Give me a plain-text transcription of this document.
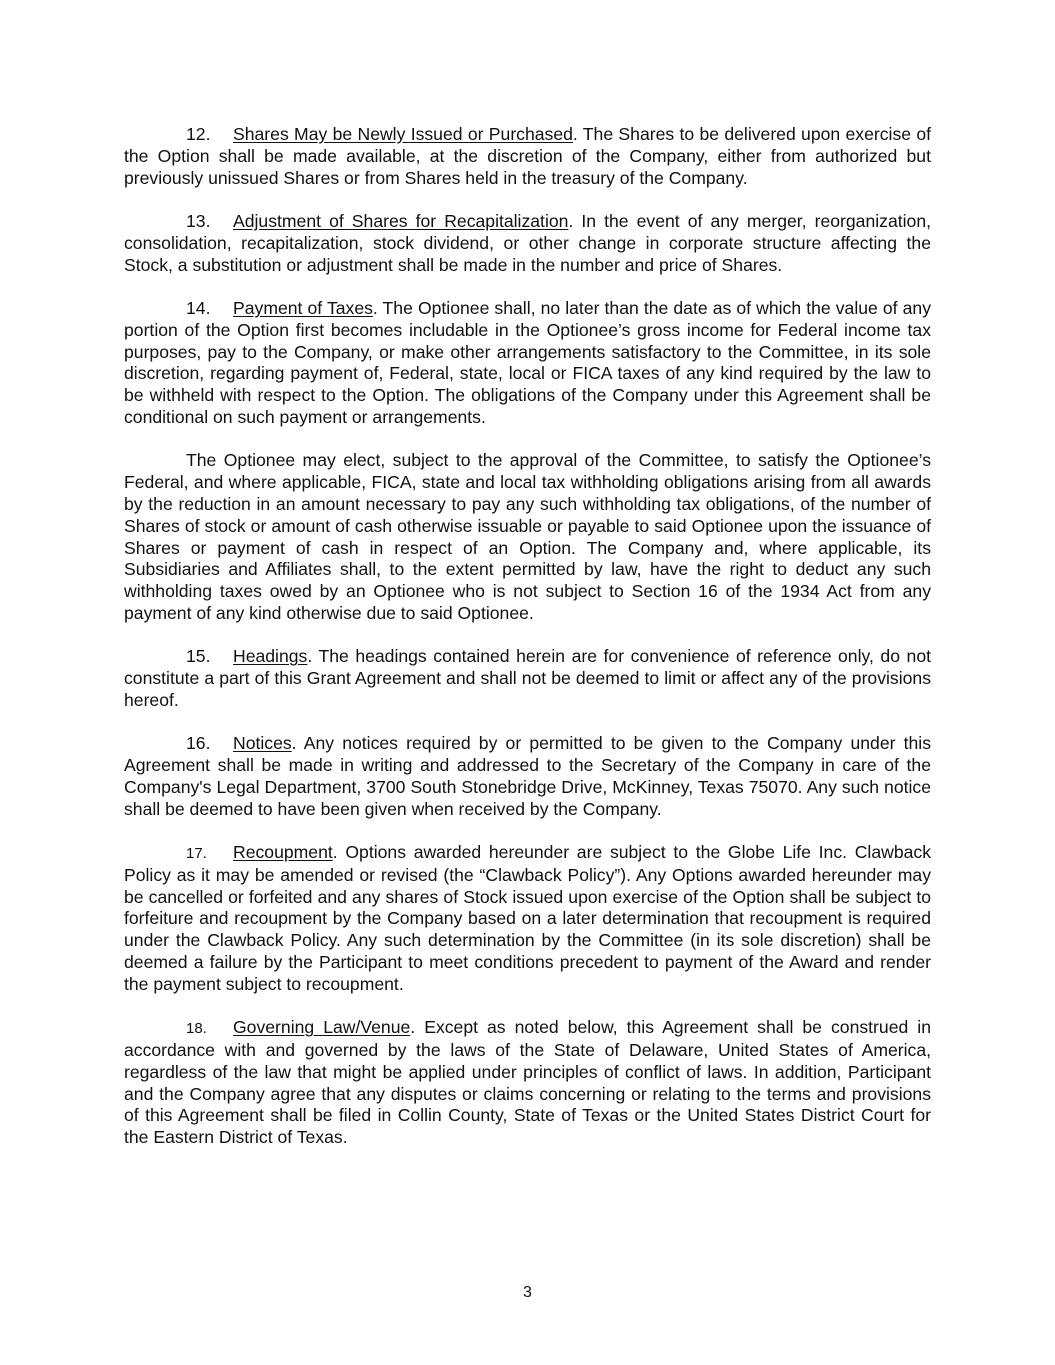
12. Shares May be Newly Issued or Purchased. The Shares to be delivered upon exercise of the Option shall be made available, at the discretion of the Company, either from authorized but previously unissued Shares or from Shares held in the treasury of the Company.

13. Adjustment of Shares for Recapitalization. In the event of any merger, reorganization, consolidation, recapitalization, stock dividend, or other change in corporate structure affecting the Stock, a substitution or adjustment shall be made in the number and price of Shares.

14. Payment of Taxes. The Optionee shall, no later than the date as of which the value of any portion of the Option first becomes includable in the Optionee’s gross income for Federal income tax purposes, pay to the Company, or make other arrangements satisfactory to the Committee, in its sole discretion, regarding payment of, Federal, state, local or FICA taxes of any kind required by the law to be withheld with respect to the Option. The obligations of the Company under this Agreement shall be conditional on such payment or arrangements.

The Optionee may elect, subject to the approval of the Committee, to satisfy the Optionee’s Federal, and where applicable, FICA, state and local tax withholding obligations arising from all awards by the reduction in an amount necessary to pay any such withholding tax obligations, of the number of Shares of stock or amount of cash otherwise issuable or payable to said Optionee upon the issuance of Shares or payment of cash in respect of an Option. The Company and, where applicable, its Subsidiaries and Affiliates shall, to the extent permitted by law, have the right to deduct any such withholding taxes owed by an Optionee who is not subject to Section 16 of the 1934 Act from any payment of any kind otherwise due to said Optionee.

15. Headings. The headings contained herein are for convenience of reference only, do not constitute a part of this Grant Agreement and shall not be deemed to limit or affect any of the provisions hereof.

16. Notices. Any notices required by or permitted to be given to the Company under this Agreement shall be made in writing and addressed to the Secretary of the Company in care of the Company's Legal Department, 3700 South Stonebridge Drive, McKinney, Texas 75070. Any such notice shall be deemed to have been given when received by the Company.

17. Recoupment. Options awarded hereunder are subject to the Globe Life Inc. Clawback Policy as it may be amended or revised (the “Clawback Policy”). Any Options awarded hereunder may be cancelled or forfeited and any shares of Stock issued upon exercise of the Option shall be subject to forfeiture and recoupment by the Company based on a later determination that recoupment is required under the Clawback Policy. Any such determination by the Committee (in its sole discretion) shall be deemed a failure by the Participant to meet conditions precedent to payment of the Award and render the payment subject to recoupment.

18. Governing Law/Venue. Except as noted below, this Agreement shall be construed in accordance with and governed by the laws of the State of Delaware, United States of America, regardless of the law that might be applied under principles of conflict of laws. In addition, Participant and the Company agree that any disputes or claims concerning or relating to the terms and provisions of this Agreement shall be filed in Collin County, State of Texas or the United States District Court for the Eastern District of Texas.

3
